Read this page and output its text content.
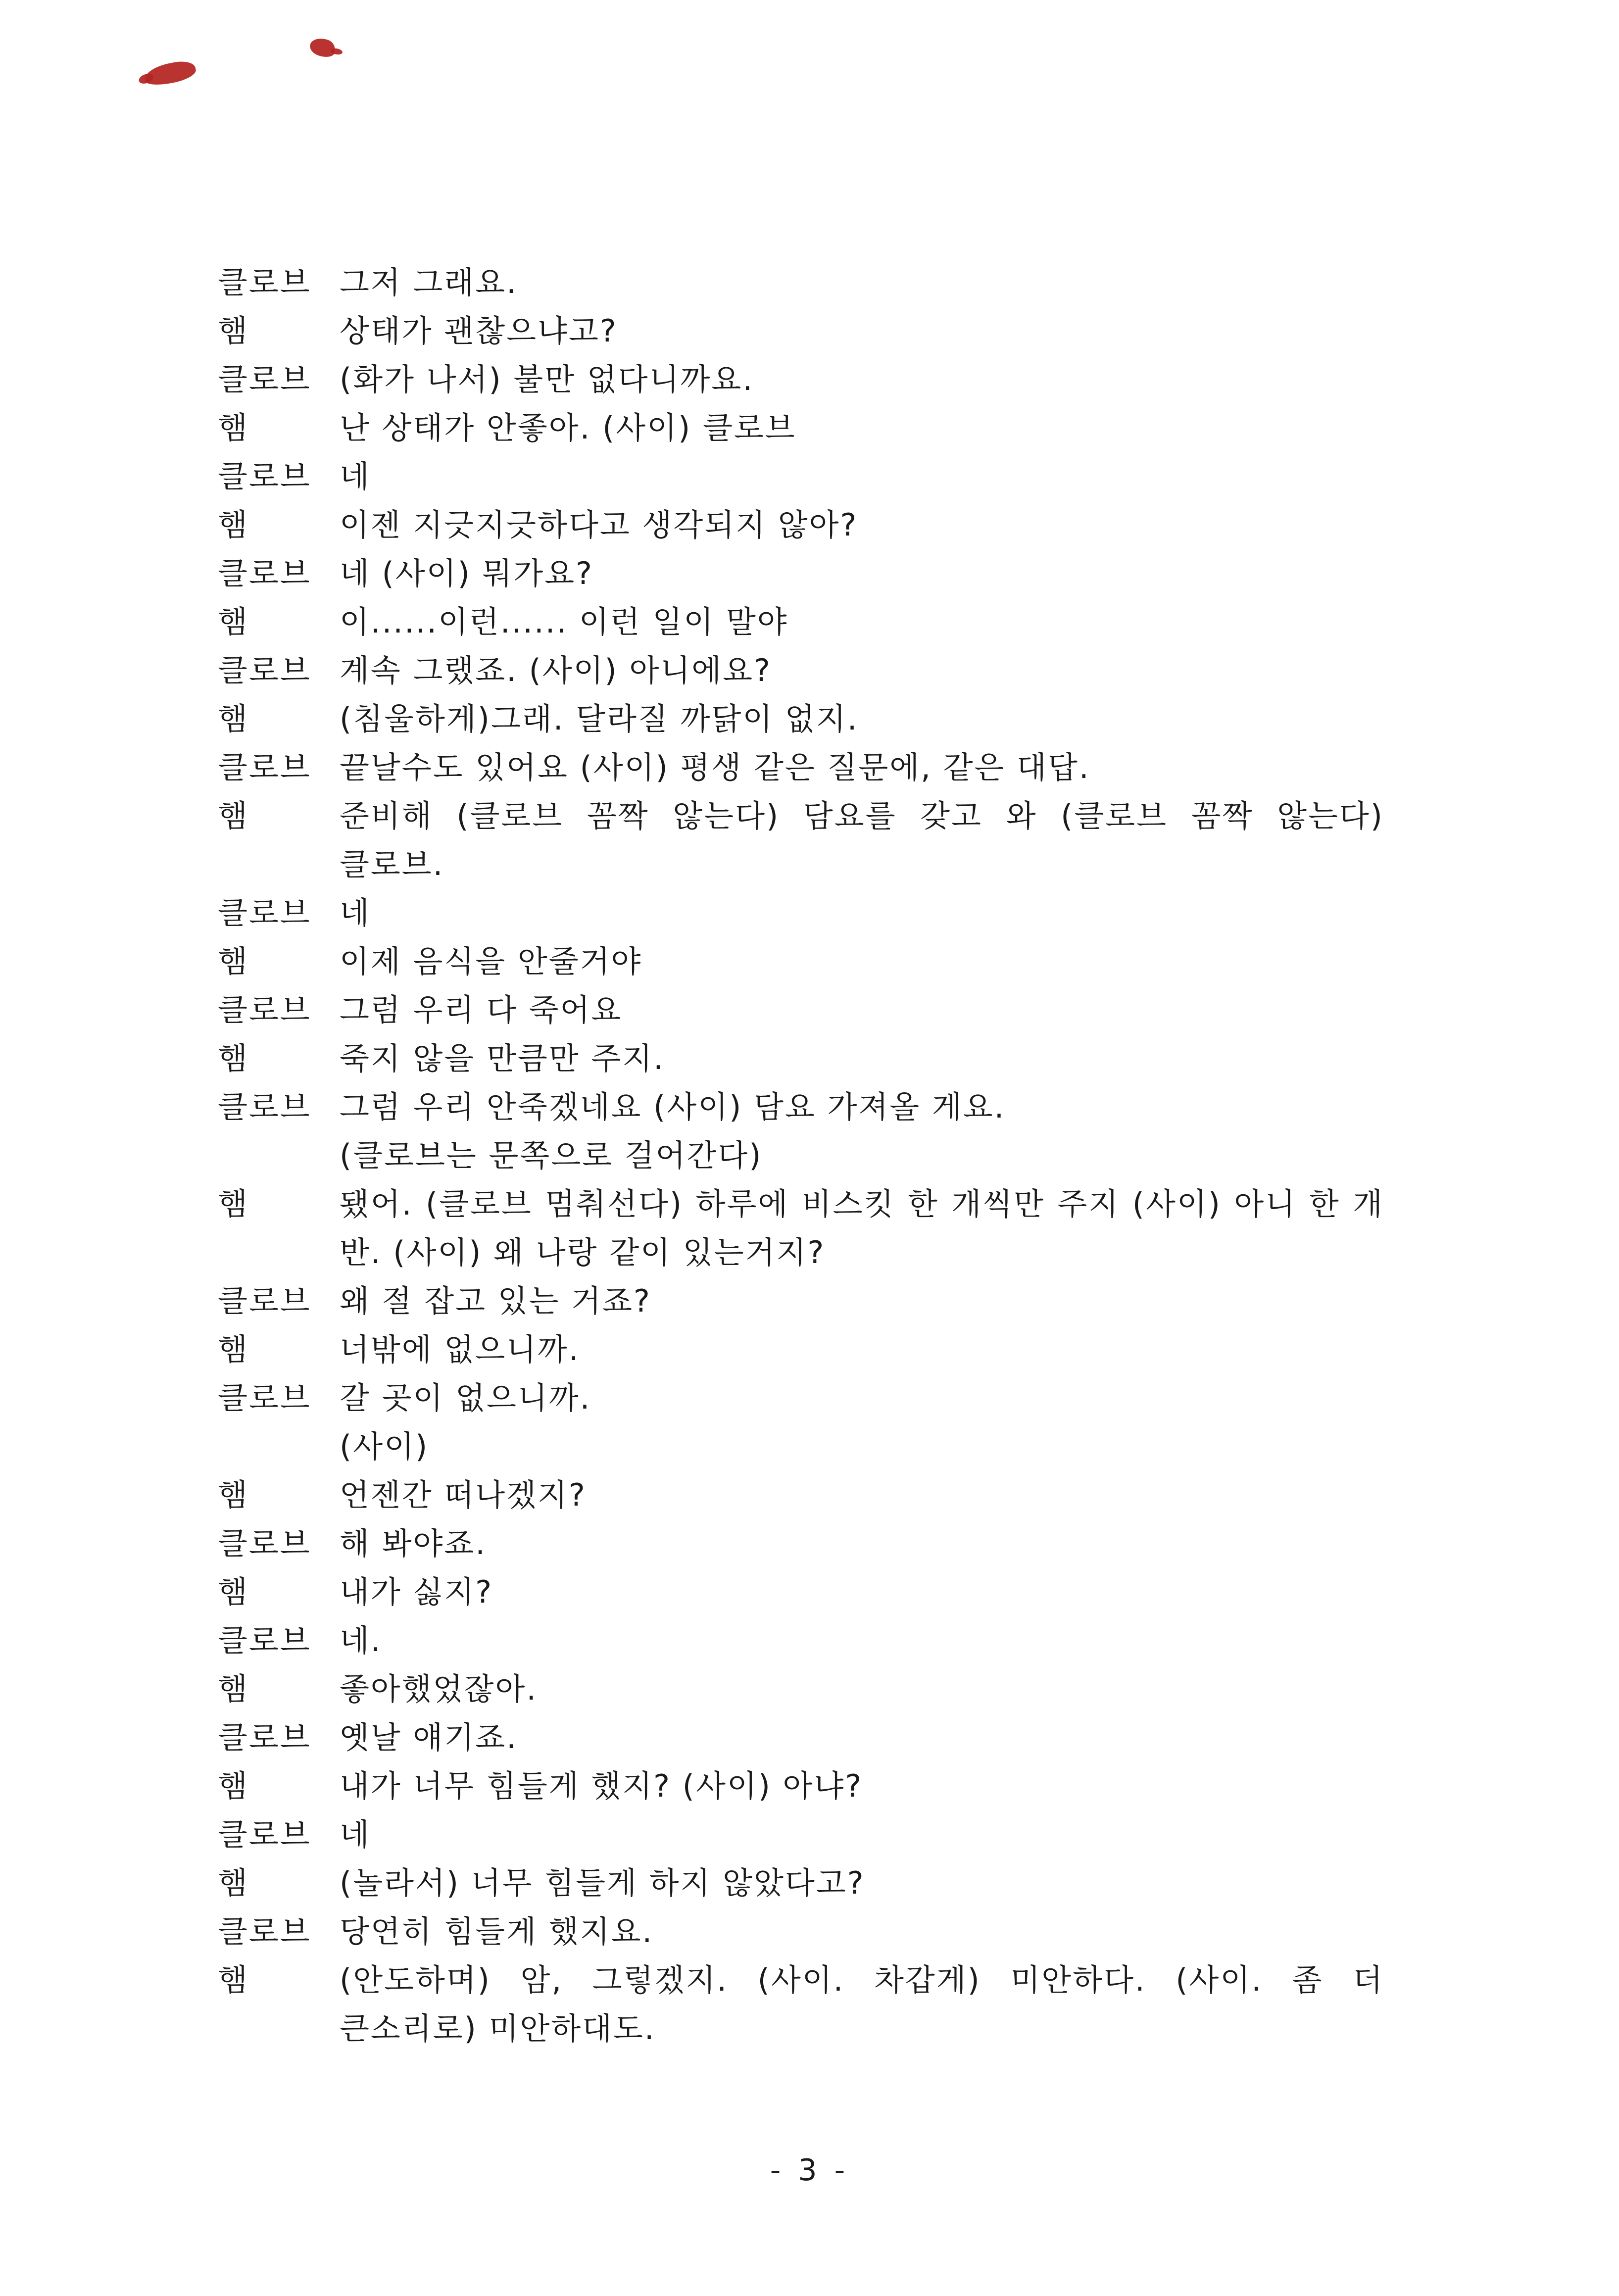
클로브 그저 그래요.
햄	상태가 괜찮으냐고?
클로브 (화가 나서) 불만 없다니까요.
햄	난 상태가 안좋아. (사이) 클로브
클로브 네
햄	이젠 지긋지긋하다고 생각되지 않아?
클로브 네 (사이) 뭐가요?
햄	이......이런...... 이런 일이 말야
클로브 계속 그랬죠. (사이) 아니에요?
햄	(침울하게)그래. 달라질 까닭이 없지.
클로브 끝날수도 있어요 (사이) 평생 같은 질문에, 같은 대답.
햄	준비해 (클로브 꼼짝 않는다) 담요를 갖고 와 (클로브 꼼짝 않는다) 클로브.
클로브 네
햄	이제 음식을 안줄거야
클로브 그럼 우리 다 죽어요
햄	죽지 않을 만큼만 주지.
클로브 그럼 우리 안죽겠네요 (사이) 담요 가져올 게요.
(클로브는 문쪽으로 걸어간다)
햄	됐어. (클로브 멈춰선다) 하루에 비스킷 한 개씩만 주지 (사이) 아니 한 개 반. (사이) 왜 나랑 같이 있는거지?
클로브 왜 절 잡고 있는 거죠?
햄	너밖에 없으니까.
클로브 갈 곳이 없으니까.
(사이)
햄	언젠간 떠나겠지?
클로브 해 봐야죠.
햄	내가 싫지?
클로브 네.
햄	좋아했었잖아.
클로브 옛날 얘기죠.
햄	내가 너무 힘들게 했지? (사이) 아냐?
클로브 네
햄	(놀라서) 너무 힘들게 하지 않았다고?
클로브 당연히 힘들게 했지요.
햄	(안도하며) 암, 그렇겠지. (사이. 차갑게) 미안하다. (사이. 좀 더 큰소리로) 미안하대도.
- 3 -
